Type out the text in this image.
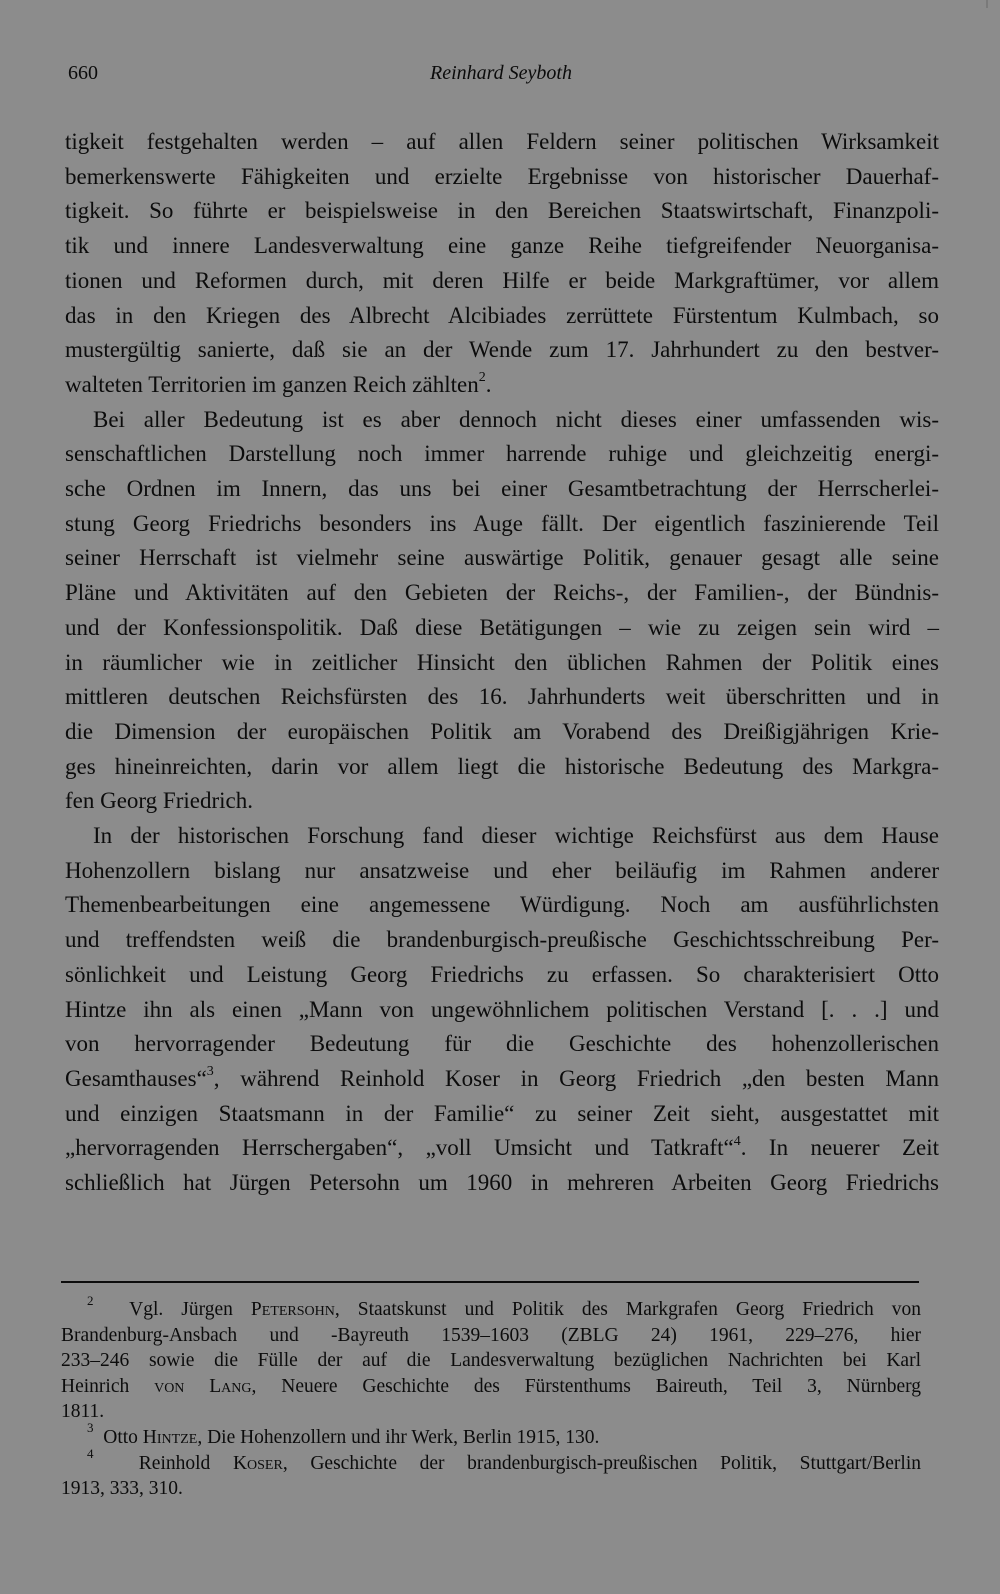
660	Reinhard Seyboth
tigkeit festgehalten werden – auf allen Feldern seiner politischen Wirksamkeit
bemerkenswerte Fähigkeiten und erzielte Ergebnisse von historischer Dauerhaf-
tigkeit. So führte er beispielsweise in den Bereichen Staatswirtschaft, Finanzpoli-
tik und innere Landesverwaltung eine ganze Reihe tiefgreifender Neuorganisa-
tionen und Reformen durch, mit deren Hilfe er beide Markgraftümer, vor allem
das in den Kriegen des Albrecht Alcibiades zerrüttete Fürstentum Kulmbach, so
mustergültig sanierte, daß sie an der Wende zum 17. Jahrhundert zu den bestver-
walteten Territorien im ganzen Reich zählten$^2$.
Bei aller Bedeutung ist es aber dennoch nicht dieses einer umfassenden wis-
senschaftlichen Darstellung noch immer harrende ruhige und gleichzeitig energi-
sche Ordnen im Innern, das uns bei einer Gesamtbetrachtung der Herrscherlei-
stung Georg Friedrichs besonders ins Auge fällt. Der eigentlich faszinierende Teil
seiner Herrschaft ist vielmehr seine auswärtige Politik, genauer gesagt alle seine
Pläne und Aktivitäten auf den Gebieten der Reichs-, der Familien-, der Bündnis-
und der Konfessionspolitik. Daß diese Betätigungen – wie zu zeigen sein wird –
in räumlicher wie in zeitlicher Hinsicht den üblichen Rahmen der Politik eines
mittleren deutschen Reichsfürsten des 16. Jahrhunderts weit überschritten und in
die Dimension der europäischen Politik am Vorabend des Dreißigjährigen Krie-
ges hineinreichten, darin vor allem liegt die historische Bedeutung des Markgra-
fen Georg Friedrich.
In der historischen Forschung fand dieser wichtige Reichsfürst aus dem Hause
Hohenzollern bislang nur ansatzweise und eher beiläufig im Rahmen anderer
Themenbearbeitungen eine angemessene Würdigung. Noch am ausführlichsten
und treffendsten weiß die brandenburgisch-preußische Geschichtsschreibung Per-
sönlichkeit und Leistung Georg Friedrichs zu erfassen. So charakterisiert Otto
Hintze ihn als einen „Mann von ungewöhnlichem politischen Verstand [. . .] und
von hervorragender Bedeutung für die Geschichte des hohenzollerischen
Gesamthauses“$^3$, während Reinhold Koser in Georg Friedrich „den besten Mann
und einzigen Staatsmann in der Familie“ zu seiner Zeit sieht, ausgestattet mit
„hervorragenden Herrschergaben“, „voll Umsicht und Tatkraft“$^4$. In neuerer Zeit
schließlich hat Jürgen Petersohn um 1960 in mehreren Arbeiten Georg Friedrichs
$^2$ Vgl. Jürgen Petersohn, Staatskunst und Politik des Markgrafen Georg Friedrich von
Brandenburg-Ansbach und -Bayreuth 1539–1603 (ZBLG 24) 1961, 229–276, hier
233–246 sowie die Fülle der auf die Landesverwaltung bezüglichen Nachrichten bei Karl
Heinrich von Lang, Neuere Geschichte des Fürstenthums Baireuth, Teil 3, Nürnberg
1811.
$^3$ Otto Hintze, Die Hohenzollern und ihr Werk, Berlin 1915, 130.
$^4$ Reinhold Koser, Geschichte der brandenburgisch-preußischen Politik, Stuttgart/Berlin
1913, 333, 310.
